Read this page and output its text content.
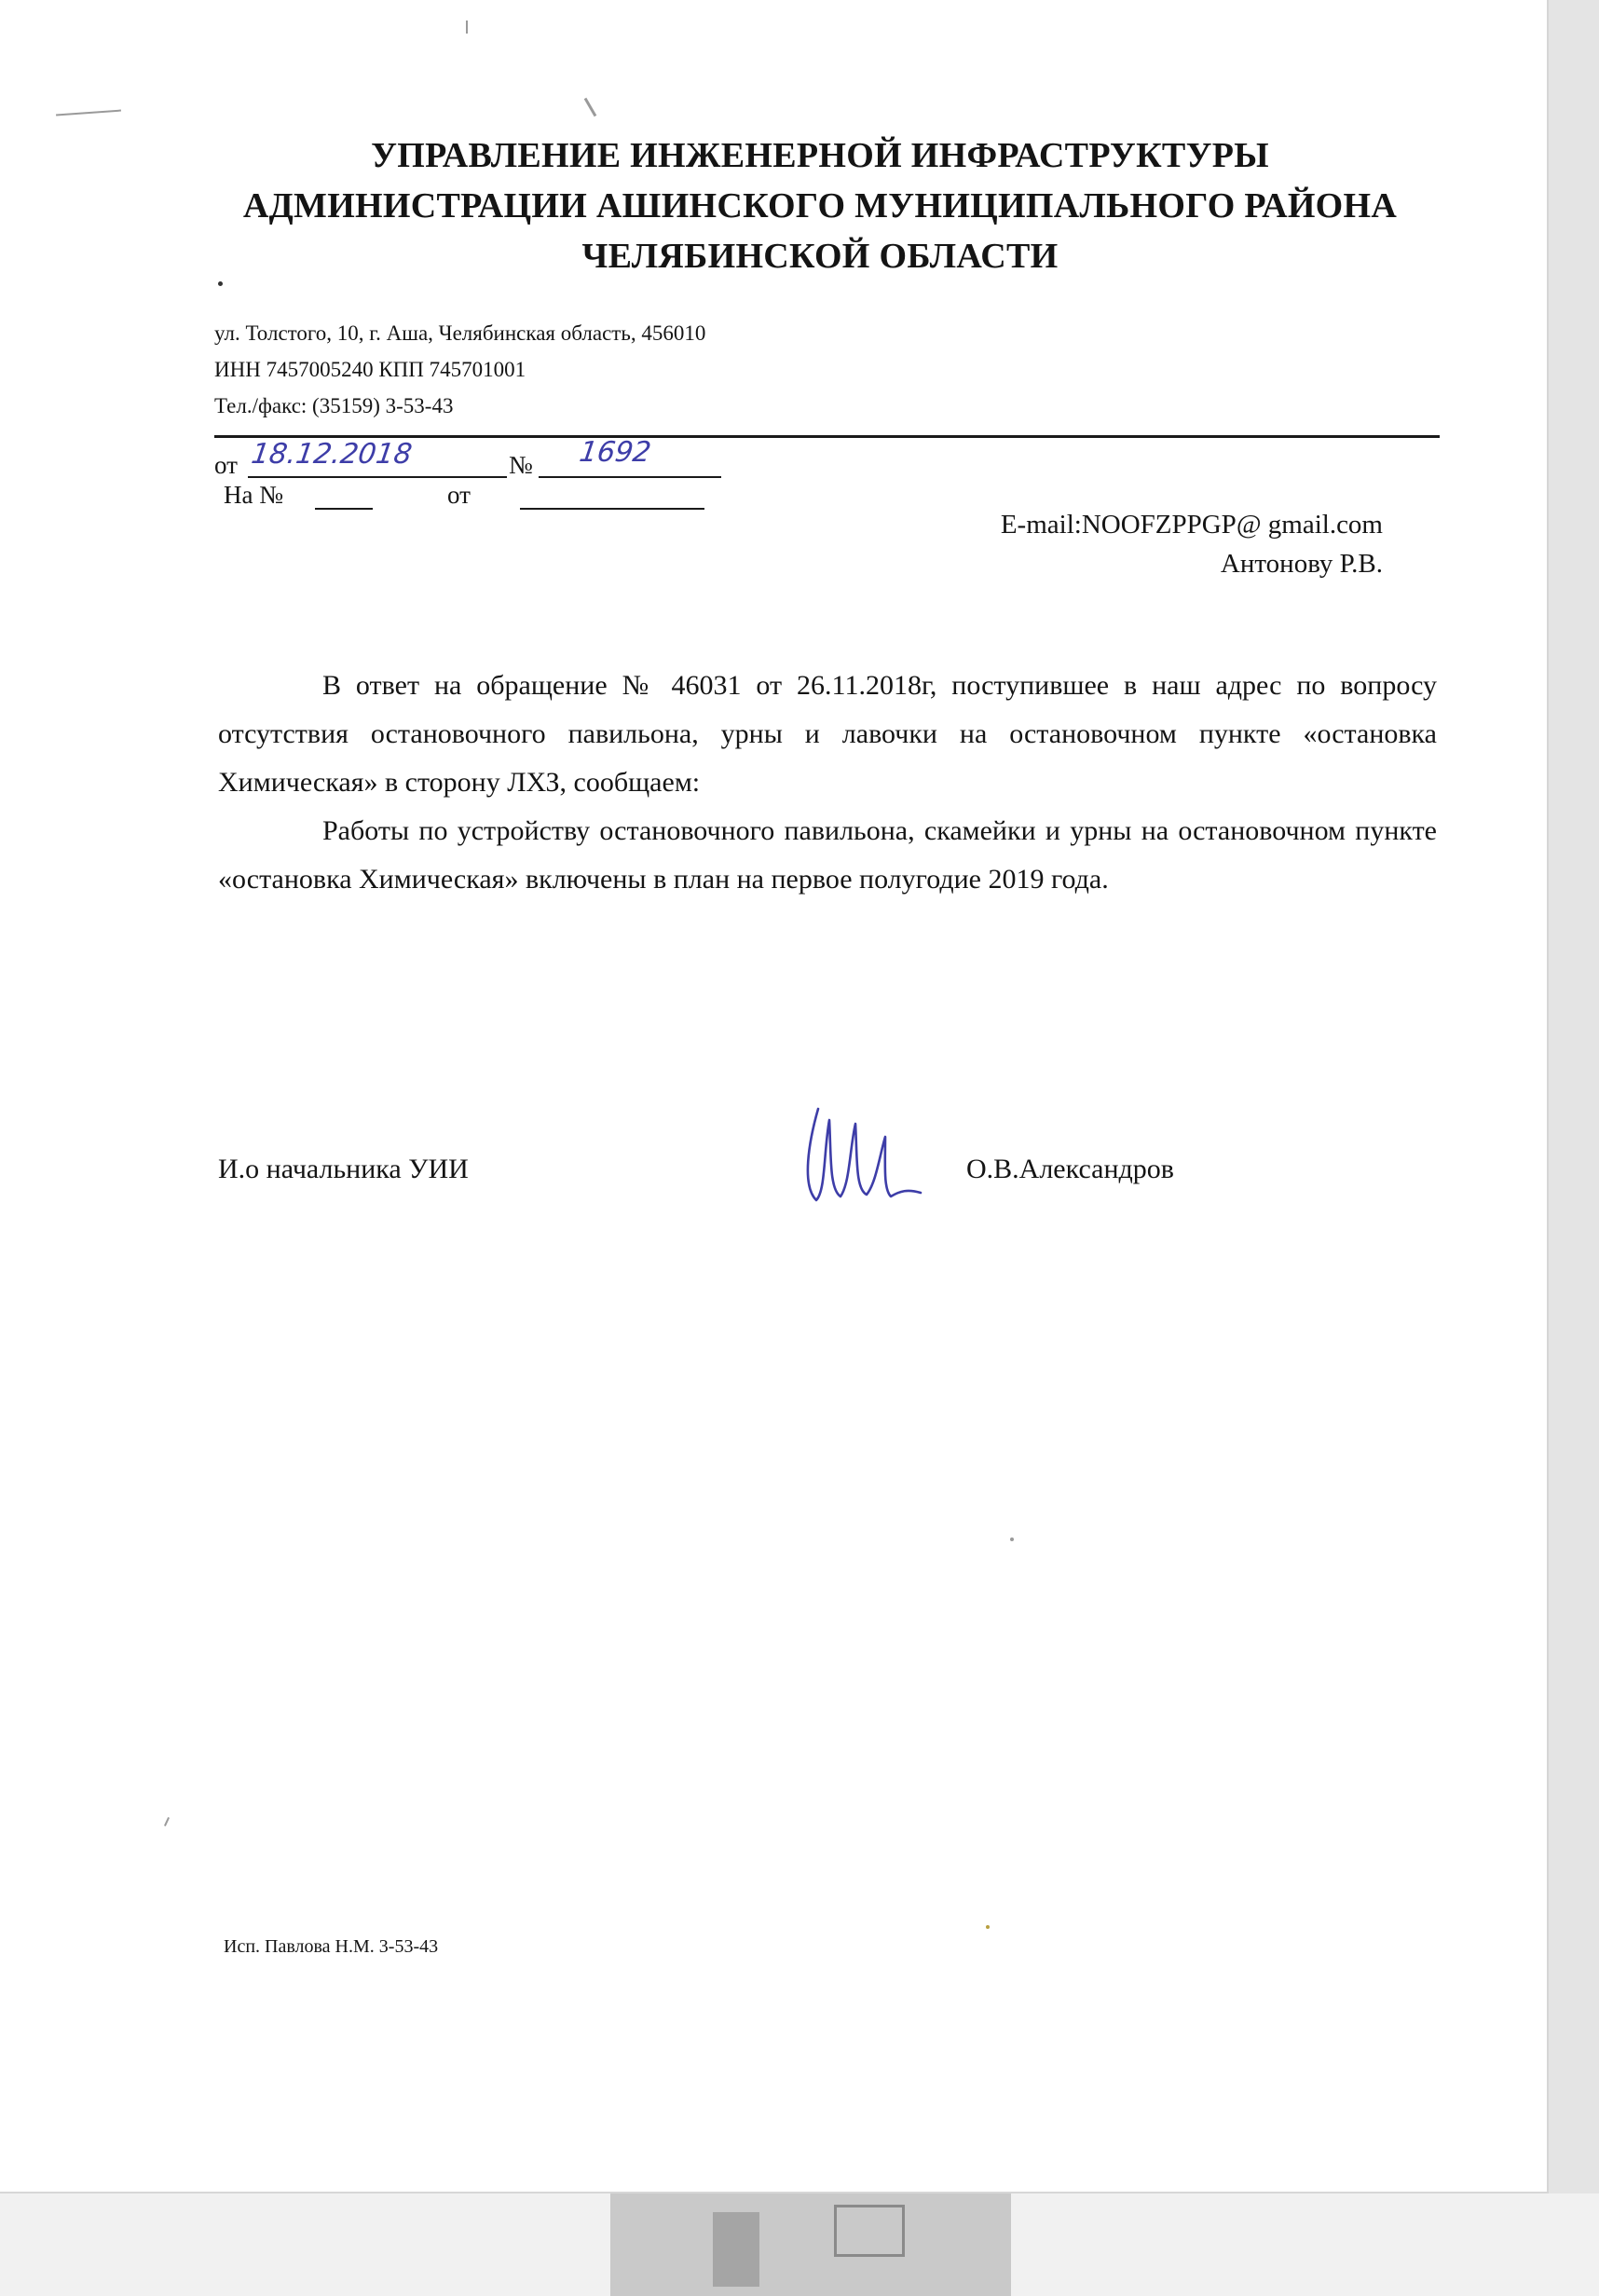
УПРАВЛЕНИЕ ИНЖЕНЕРНОЙ ИНФРАСТРУКТУРЫ
АДМИНИСТРАЦИИ АШИНСКОГО МУНИЦИПАЛЬНОГО РАЙОНА
ЧЕЛЯБИНСКОЙ ОБЛАСТИ
ул. Толстого, 10, г. Аша, Челябинская область, 456010
ИНН 7457005240 КПП 745701001
Тел./факс: (35159) 3-53-43
от 18.12.2018	№ 1692
На №	от
E-mail:NOOFZPPGP@ gmail.com
Антонову Р.В.

В ответ на обращение № 46031 от 26.11.2018г, поступившее в наш адрес по вопросу отсутствия остановочного павильона, урны и лавочки на остановочном пункте «остановка Химическая» в сторону ЛХЗ, сообщаем:

Работы по устройству остановочного павильона, скамейки и урны на остановочном пункте «остановка Химическая» включены в план на первое полугодие 2019 года.

И.о начальника УИИ	О.В.Александров
Исп. Павлова Н.М. 3-53-43
